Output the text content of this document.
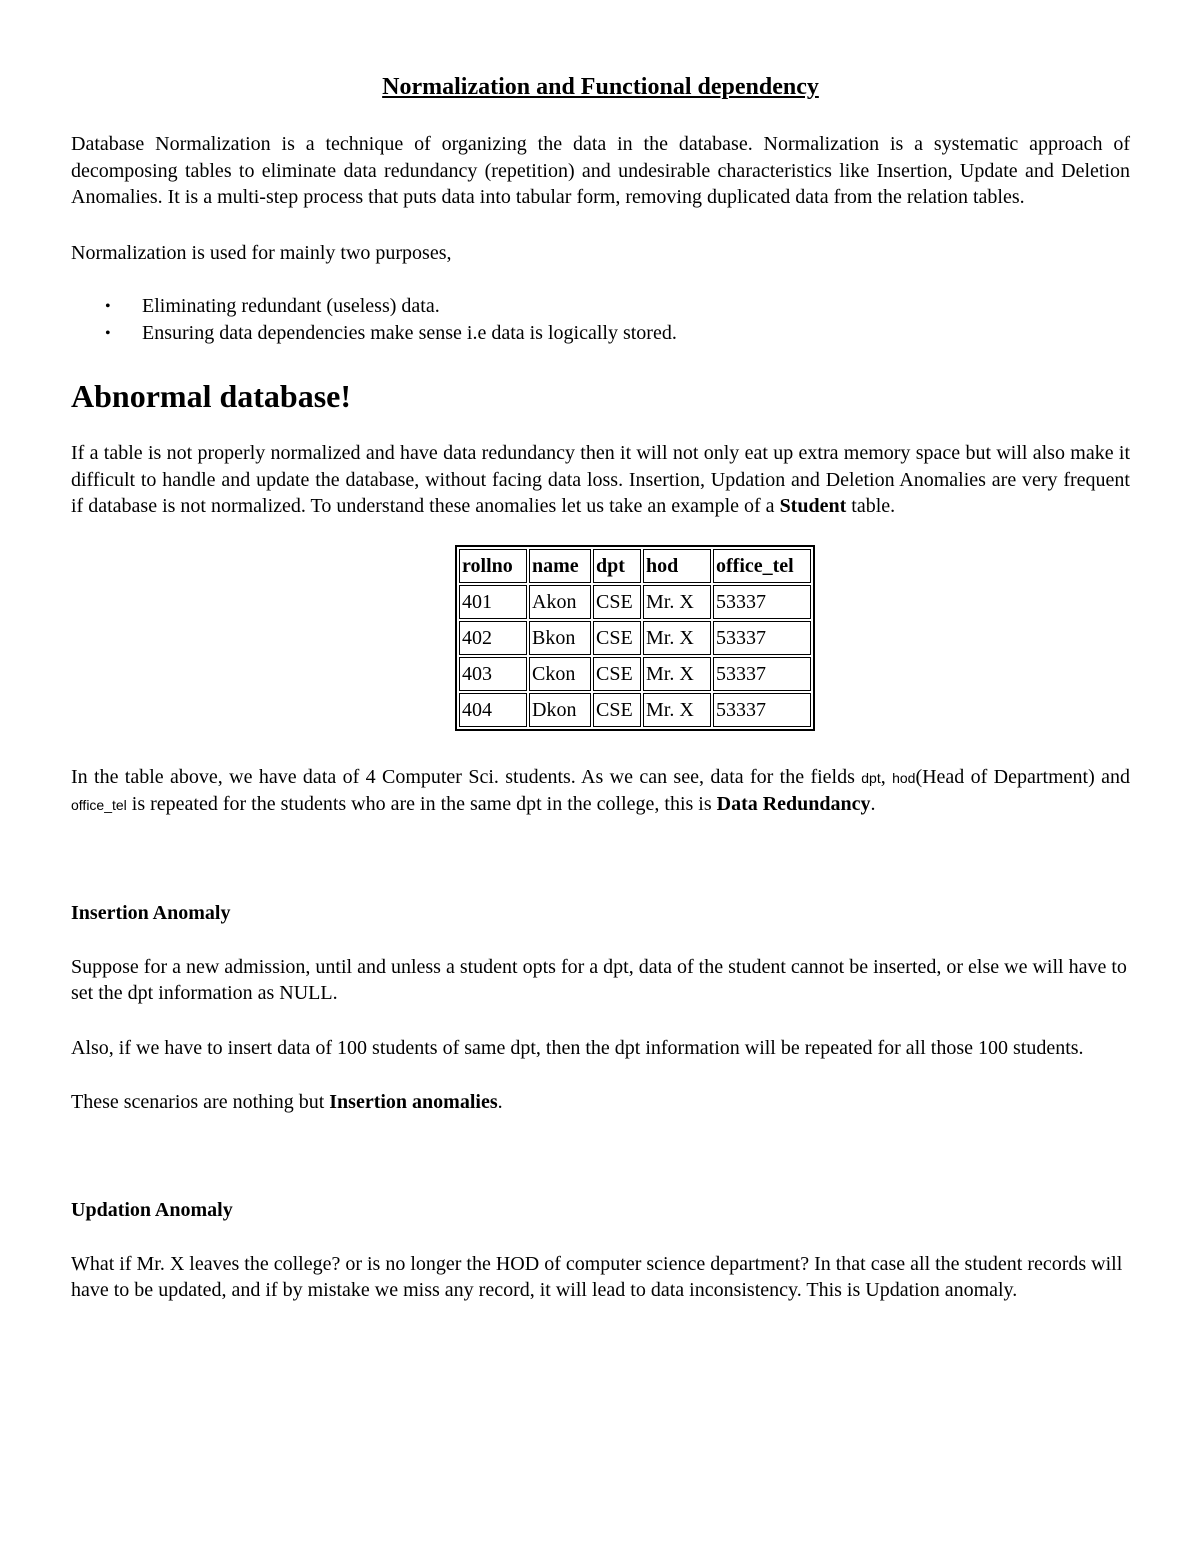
Normalization and Functional dependency

Database Normalization is a technique of organizing the data in the database. Normalization is a systematic approach of decomposing tables to eliminate data redundancy (repetition) and undesirable characteristics like Insertion, Update and Deletion Anomalies. It is a multi-step process that puts data into tabular form, removing duplicated data from the relation tables.

Normalization is used for mainly two purposes,

• Eliminating redundant (useless) data.
• Ensuring data dependencies make sense i.e data is logically stored.
Abnormal database!

If a table is not properly normalized and have data redundancy then it will not only eat up extra memory space but will also make it difficult to handle and update the database, without facing data loss. Insertion, Updation and Deletion Anomalies are very frequent if database is not normalized. To understand these anomalies let us take an example of a Student table.

rollno	name	dpt	hod	office_tel
401	Akon	CSE	Mr. X	53337
402	Bkon	CSE	Mr. X	53337
403	Ckon	CSE	Mr. X	53337
404	Dkon	CSE	Mr. X	53337

In the table above, we have data of 4 Computer Sci. students. As we can see, data for the fields dpt, hod(Head of Department) and office_tel is repeated for the students who are in the same dpt in the college, this is Data Redundancy.

Insertion Anomaly

Suppose for a new admission, until and unless a student opts for a dpt, data of the student cannot be inserted, or else we will have to set the dpt information as NULL.

Also, if we have to insert data of 100 students of same dpt, then the dpt information will be repeated for all those 100 students.

These scenarios are nothing but Insertion anomalies.

Updation Anomaly

What if Mr. X leaves the college? or is no longer the HOD of computer science department? In that case all the student records will have to be updated, and if by mistake we miss any record, it will lead to data inconsistency. This is Updation anomaly.
